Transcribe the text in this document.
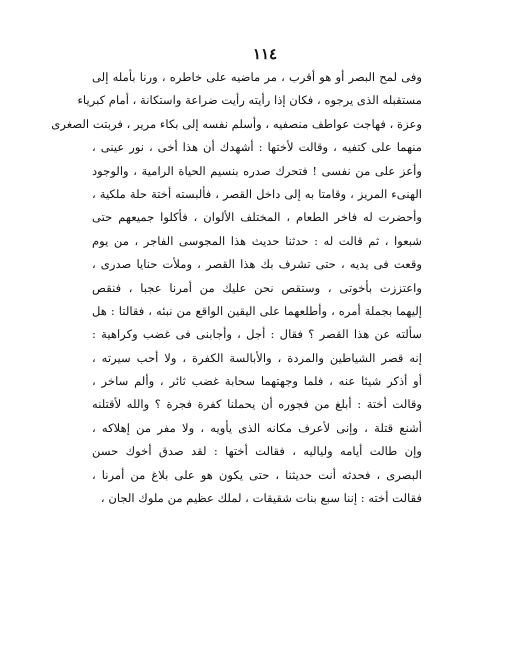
١١٤
وفى لمح البصر أو هو أقرب ، مر ماضيه على خاطره ، ورنا بأمله إلى
مستقبله الذى يرجوه ، فكان إذا رأيته رأيت ضراعة واستكانة ، أمام كبرياء
وعزة ، فهاجت عواطف منصفيه ، وأسلم نفسه إلى بكاء مرير ، فربتت الصغرى
منهما على كتفيه ، وقالت لأختها : أشهدك أن هذا أخى ، نور عينى ،
وأعز على من نفسى ! فتحرك صدره بنسيم الحياة الرامية ، والوجود
الهنىء المريز ، وقامتا به إلى داخل القصر ، فألبسته أختة حلة ملكية ،
وأحضرت له فاخر الطعام ، المختلف الألوان ، فأكلوا جميعهم حتى
شبعوا ، ثم قالت له : حدثنا حديث هذا المجوسى الفاجر ، من يوم
وقعت فى يديه ، حتى تشرف بك هذا القصر ، وملأت حنايا صدرى ،
واعتززت بأخوتى ، وستقص نحن عليك من أمرنا عجبا ، فنقص
إليهما بجملة أمره ، وأطلعهما على اليقين الواقع من نبئه ، فقالتا : هل
سألته عن هذا القصر ؟ فقال : أجل ، وأجابنى فى غضب وكراهية :
إنه قصر الشياطين والمردة ، والأبالسة الكفرة ، ولا أحب سيرته ،
أو أذكر شيئا عنه ، فلما وجهتهما سحابة غضب ثائر ، وألم ساخر ،
وقالت أختة : أبلغ من فجوره أن يحملنا كفرة فجرة ؟ والله لأقتلنه
أشنع قتلة ، وإنى لأعرف مكانه الذى يأويه ، ولا مفر من إهلاكه ،
وإن طالت أيامه ولياليه ، فقالت أختها : لقد صدق أخوك حسن
البصرى ، فحدثه أنت حديثنا ، حتى يكون هو على بلاغ من أمرنا ،
فقالت أخته : إننا سبع بنات شقيقات ، لملك عظيم من ملوك الجان ،
